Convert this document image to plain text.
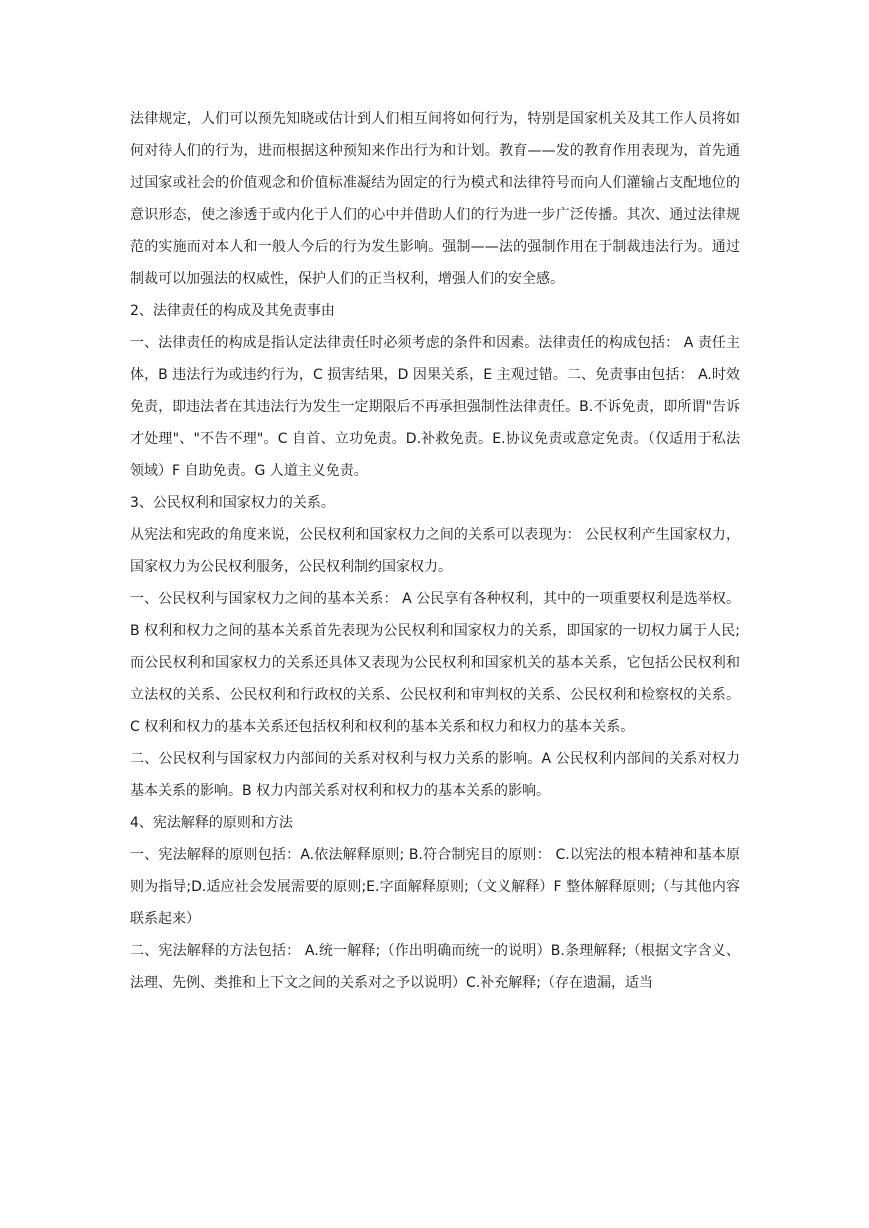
法律规定，人们可以预先知晓或估计到人们相互间将如何行为，特别是国家机关及其工作人员将如何对待人们的行为，进而根据这种预知来作出行为和计划。教育——发的教育作用表现为，首先通过国家或社会的价值观念和价值标准凝结为固定的行为模式和法律符号而向人们灌输占支配地位的意识形态，使之渗透于或内化于人们的心中并借助人们的行为进一步广泛传播。其次、通过法律规范的实施而对本人和一般人今后的行为发生影响。强制——法的强制作用在于制裁违法行为。通过制裁可以加强法的权威性，保护人们的正当权利，增强人们的安全感。

2、法律责任的构成及其免责事由

一、法律责任的构成是指认定法律责任时必须考虑的条件和因素。法律责任的构成包括： A 责任主体，B 违法行为或违约行为，C 损害结果，D 因果关系，E 主观过错。二、免责事由包括： A.时效免责，即违法者在其违法行为发生一定期限后不再承担强制性法律责任。B.不诉免责，即所谓"告诉才处理"、"不告不理"。C 自首、立功免责。D.补救免责。E.协议免责或意定免责。（仅适用于私法领域）F 自助免责。G 人道主义免责。

3、公民权利和国家权力的关系。

从宪法和宪政的角度来说，公民权利和国家权力之间的关系可以表现为： 公民权利产生国家权力，国家权力为公民权利服务，公民权利制约国家权力。

一、公民权利与国家权力之间的基本关系： A 公民享有各种权利，其中的一项重要权利是选举权。B 权利和权力之间的基本关系首先表现为公民权利和国家权力的关系，即国家的一切权力属于人民;而公民权利和国家权力的关系还具体又表现为公民权利和国家机关的基本关系，它包括公民权利和立法权的关系、公民权利和行政权的关系、公民权利和审判权的关系、公民权利和检察权的关系。C 权利和权力的基本关系还包括权利和权利的基本关系和权力和权力的基本关系。

二、公民权利与国家权力内部间的关系对权利与权力关系的影响。A 公民权利内部间的关系对权力基本关系的影响。B 权力内部关系对权利和权力的基本关系的影响。

4、宪法解释的原则和方法

一、宪法解释的原则包括：A.依法解释原则; B.符合制宪目的原则： C.以宪法的根本精神和基本原则为指导;D.适应社会发展需要的原则;E.字面解释原则;（文义解释）F 整体解释原则;（与其他内容联系起来）

二、宪法解释的方法包括： A.统一解释;（作出明确而统一的说明）B.条理解释;（根据文字含义、法理、先例、类推和上下文之间的关系对之予以说明）C.补充解释;（存在遗漏，适当
